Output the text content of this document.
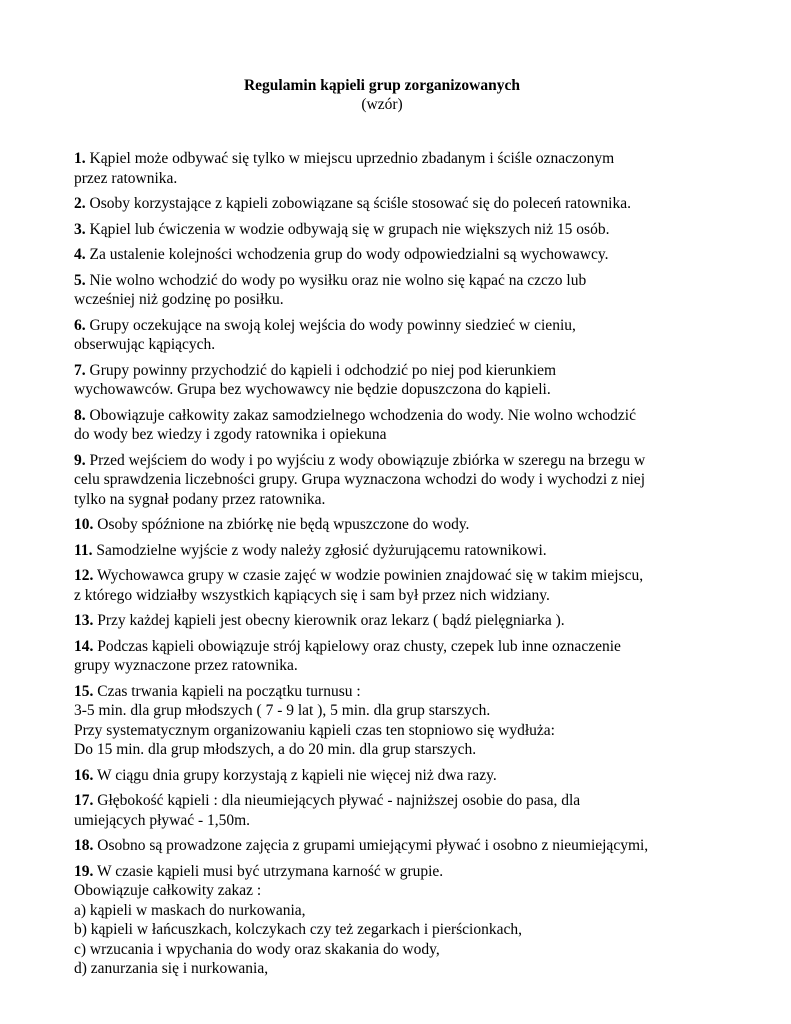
Regulamin kąpieli grup zorganizowanych
(wzór)
1. Kąpiel może odbywać się tylko w miejscu uprzednio zbadanym i ściśle oznaczonym
przez ratownika.
2. Osoby korzystające z kąpieli zobowiązane są ściśle stosować się do poleceń ratownika.
3. Kąpiel lub ćwiczenia w wodzie odbywają się w grupach nie większych niż 15 osób.
4. Za ustalenie kolejności wchodzenia grup do wody odpowiedzialni są wychowawcy.
5. Nie wolno wchodzić do wody po wysiłku oraz nie wolno się kąpać na czczo lub
wcześniej niż godzinę po posiłku.
6. Grupy oczekujące na swoją kolej wejścia do wody powinny siedzieć w cieniu,
obserwując kąpiących.
7. Grupy powinny przychodzić do kąpieli i odchodzić po niej pod kierunkiem
wychowawców. Grupa bez wychowawcy nie będzie dopuszczona do kąpieli.
8. Obowiązuje całkowity zakaz samodzielnego wchodzenia do wody. Nie wolno wchodzić
do wody bez wiedzy i zgody ratownika i opiekuna
9. Przed wejściem do wody i po wyjściu z wody obowiązuje zbiórka w szeregu na brzegu w
celu sprawdzenia liczebności grupy. Grupa wyznaczona wchodzi do wody i wychodzi z niej
tylko na sygnał podany przez ratownika.
10. Osoby spóźnione na zbiórkę nie będą wpuszczone do wody.
11. Samodzielne wyjście z wody należy zgłosić dyżurującemu ratownikowi.
12. Wychowawca grupy w czasie zajęć w wodzie powinien znajdować się w takim miejscu,
z którego widziałby wszystkich kąpiących się i sam był przez nich widziany.
13. Przy każdej kąpieli jest obecny kierownik oraz lekarz ( bądź pielęgniarka ).
14. Podczas kąpieli obowiązuje strój kąpielowy oraz chusty, czepek lub inne oznaczenie
grupy wyznaczone przez ratownika.
15. Czas trwania kąpieli na początku turnusu :
3-5 min. dla grup młodszych ( 7 - 9 lat ), 5 min. dla grup starszych.
Przy systematycznym organizowaniu kąpieli czas ten stopniowo się wydłuża:
Do 15 min. dla grup młodszych, a do 20 min. dla grup starszych.
16. W ciągu dnia grupy korzystają z kąpieli nie więcej niż dwa razy.
17. Głębokość kąpieli : dla nieumiejących pływać - najniższej osobie do pasa, dla
umiejących pływać - 1,50m.
18. Osobno są prowadzone zajęcia z grupami umiejącymi pływać i osobno z nieumiejącymi,
19. W czasie kąpieli musi być utrzymana karność w grupie.
Obowiązuje całkowity zakaz :
a) kąpieli w maskach do nurkowania,
b) kąpieli w łańcuszkach, kolczykach czy też zegarkach i pierścionkach,
c) wrzucania i wpychania do wody oraz skakania do wody,
d) zanurzania się i nurkowania,
